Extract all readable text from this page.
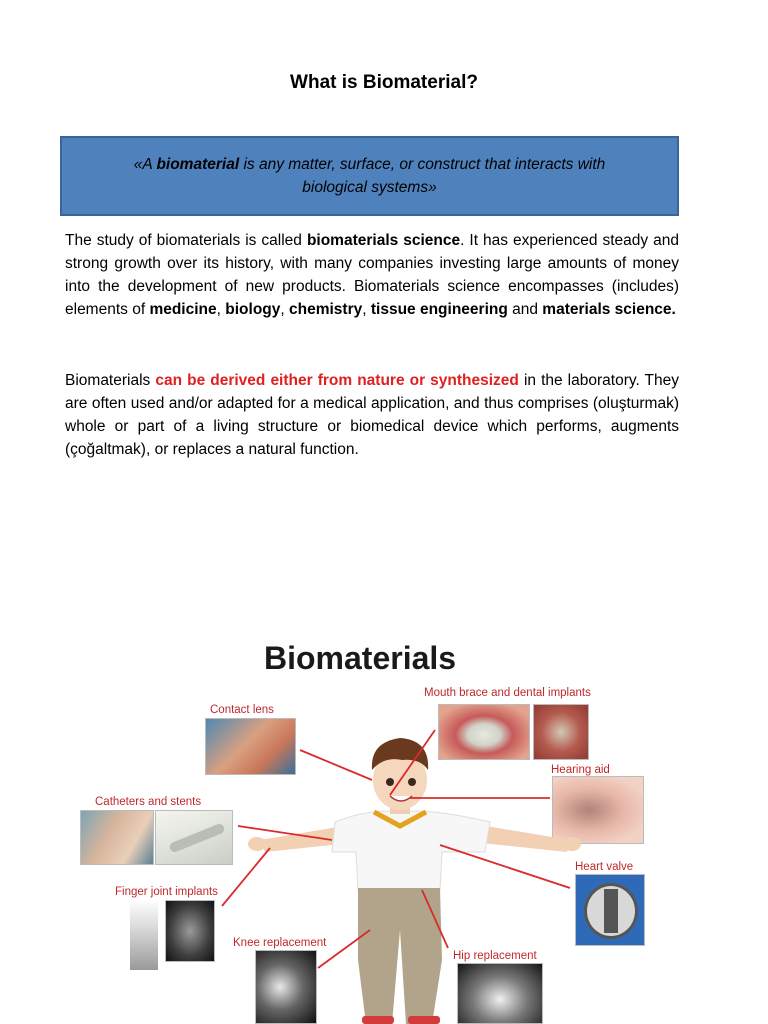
What is Biomaterial?
«A biomaterial is any matter, surface, or construct that interacts with
biological systems»

The study of biomaterials is called biomaterials science. It has experienced steady and strong growth over its history, with many companies investing large amounts of money into the development of new products. Biomaterials science encompasses (includes) elements of medicine, biology, chemistry, tissue engineering and materials science.

Biomaterials can be derived either from nature or synthesized in the laboratory. They are often used and/or adapted for a medical application, and thus comprises (oluşturmak) whole or part of a living structure or biomedical device which performs, augments (çoğaltmak), or replaces a natural function.

Biomaterials
Contact lens
Mouth brace and dental implants
Hearing aid
Catheters and stents
Heart valve
Finger joint implants
Knee replacement
Hip replacement
